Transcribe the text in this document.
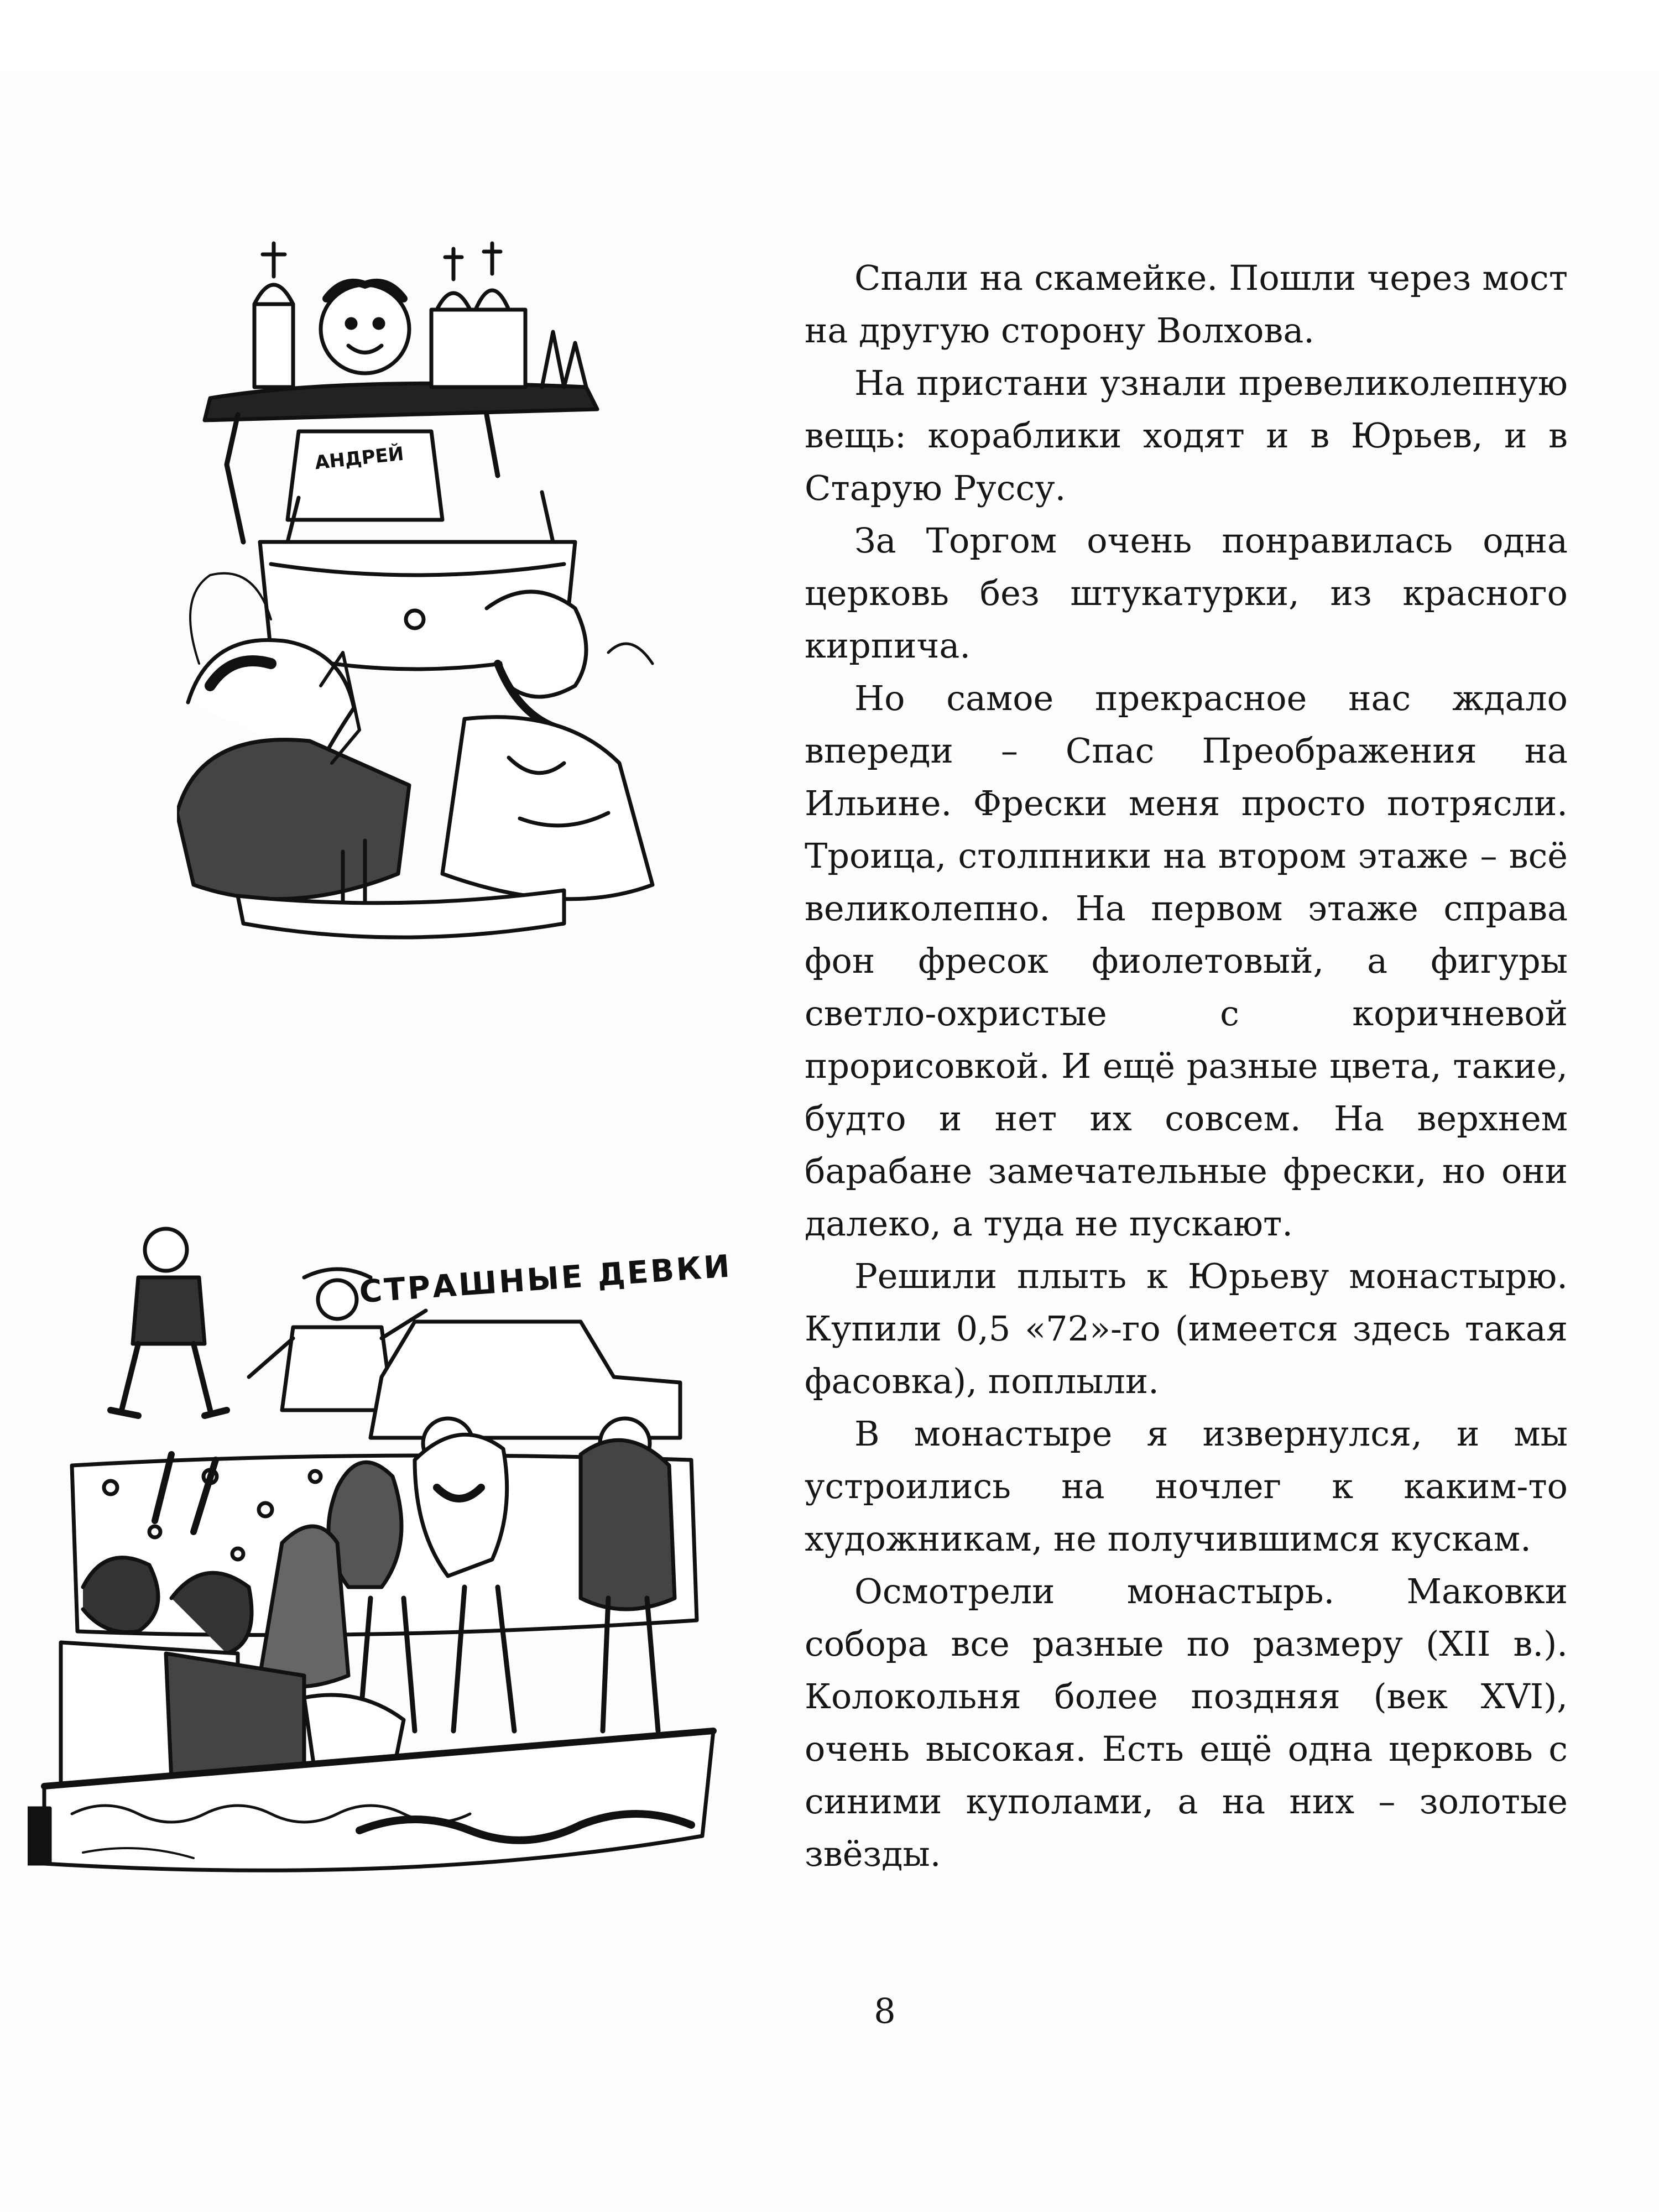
АНДРЕЙ
СТРАШНЫЕ ДЕВКИ

Спали на скамейке. Пошли через мост на другую сторону Волхова.

На пристани узнали превеликолепную вещь: кораблики ходят и в Юрьев, и в Старую Руссу.

За Торгом очень понравилась одна церковь без штукатурки, из красного кирпича.

Но самое прекрасное нас ждало впереди – Спас Преображения на Ильине. Фрески меня просто потрясли. Троица, столпники на втором этаже – всё великолепно. На первом этаже справа фон фресок фиолетовый, а фигуры светло-охристые с коричневой прорисовкой. И ещё разные цвета, такие, будто и нет их совсем. На верхнем барабане замечательные фрески, но они далеко, а туда не пускают.

Решили плыть к Юрьеву монастырю. Купили 0,5 «72»-го (имеется здесь такая фасовка), поплыли.

В монастыре я извернулся, и мы устроились на ночлег к каким-то художникам, не получившимся кускам.

Осмотрели монастырь. Маковки собора все разные по размеру (XII в.). Колокольня более поздняя (век XVI), очень высокая. Есть ещё одна церковь с синими куполами, а на них – золотые звёзды.

8
